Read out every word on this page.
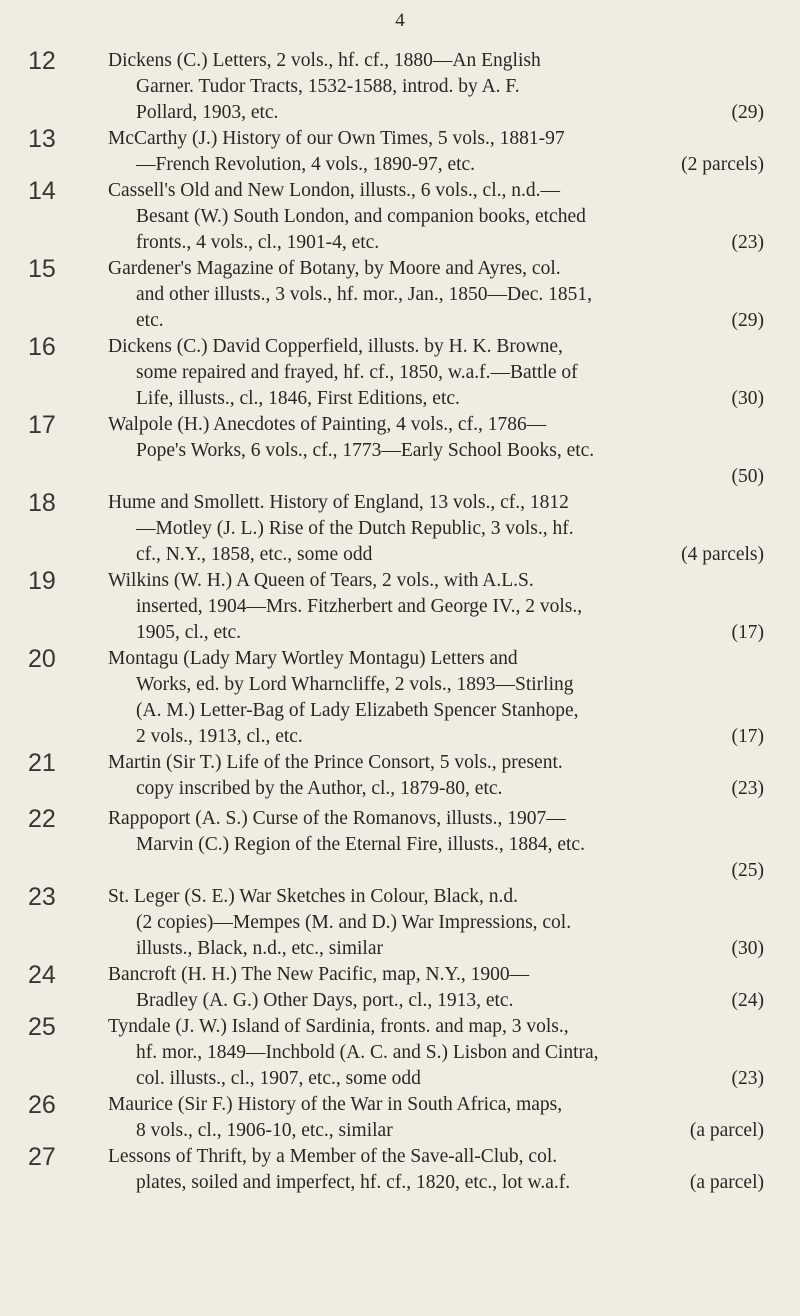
4
12	Dickens (C.) Letters, 2 vols., hf. cf., 1880—An English
Garner. Tudor Tracts, 1532-1588, introd. by A. F.
Pollard, 1903, etc.	(29)
13	McCarthy (J.) History of our Own Times, 5 vols., 1881-97
—French Revolution, 4 vols., 1890-97, etc.	(2 parcels)
14	Cassell's Old and New London, illusts., 6 vols., cl., n.d.—
Besant (W.) South London, and companion books, etched
fronts., 4 vols., cl., 1901-4, etc.	(23)
15	Gardener's Magazine of Botany, by Moore and Ayres, col.
and other illusts., 3 vols., hf. mor., Jan., 1850—Dec. 1851,
etc.	(29)
16	Dickens (C.) David Copperfield, illusts. by H. K. Browne,
some repaired and frayed, hf. cf., 1850, w.a.f.—Battle of
Life, illusts., cl., 1846, First Editions, etc.	(30)
17	Walpole (H.) Anecdotes of Painting, 4 vols., cf., 1786—
Pope's Works, 6 vols., cf., 1773—Early School Books, etc.
(50)
18	Hume and Smollett. History of England, 13 vols., cf., 1812
—Motley (J. L.) Rise of the Dutch Republic, 3 vols., hf.
cf., N.Y., 1858, etc., some odd	(4 parcels)
19	Wilkins (W. H.) A Queen of Tears, 2 vols., with A.L.S.
inserted, 1904—Mrs. Fitzherbert and George IV., 2 vols.,
1905, cl., etc.	(17)
20	Montagu (Lady Mary Wortley Montagu) Letters and
Works, ed. by Lord Wharncliffe, 2 vols., 1893—Stirling
(A. M.) Letter-Bag of Lady Elizabeth Spencer Stanhope,
2 vols., 1913, cl., etc.	(17)
21	Martin (Sir T.) Life of the Prince Consort, 5 vols., present.
copy inscribed by the Author, cl., 1879-80, etc.	(23)
22	Rappoport (A. S.) Curse of the Romanovs, illusts., 1907—
Marvin (C.) Region of the Eternal Fire, illusts., 1884, etc.
(25)
23	St. Leger (S. E.) War Sketches in Colour, Black, n.d.
(2 copies)—Mempes (M. and D.) War Impressions, col.
illusts., Black, n.d., etc., similar	(30)
24	Bancroft (H. H.) The New Pacific, map, N.Y., 1900—
Bradley (A. G.) Other Days, port., cl., 1913, etc.	(24)
25	Tyndale (J. W.) Island of Sardinia, fronts. and map, 3 vols.,
hf. mor., 1849—Inchbold (A. C. and S.) Lisbon and Cintra,
col. illusts., cl., 1907, etc., some odd	(23)
26	Maurice (Sir F.) History of the War in South Africa, maps,
8 vols., cl., 1906-10, etc., similar	(a parcel)
27	Lessons of Thrift, by a Member of the Save-all-Club, col.
plates, soiled and imperfect, hf. cf., 1820, etc., lot w.a.f.	(a parcel)
